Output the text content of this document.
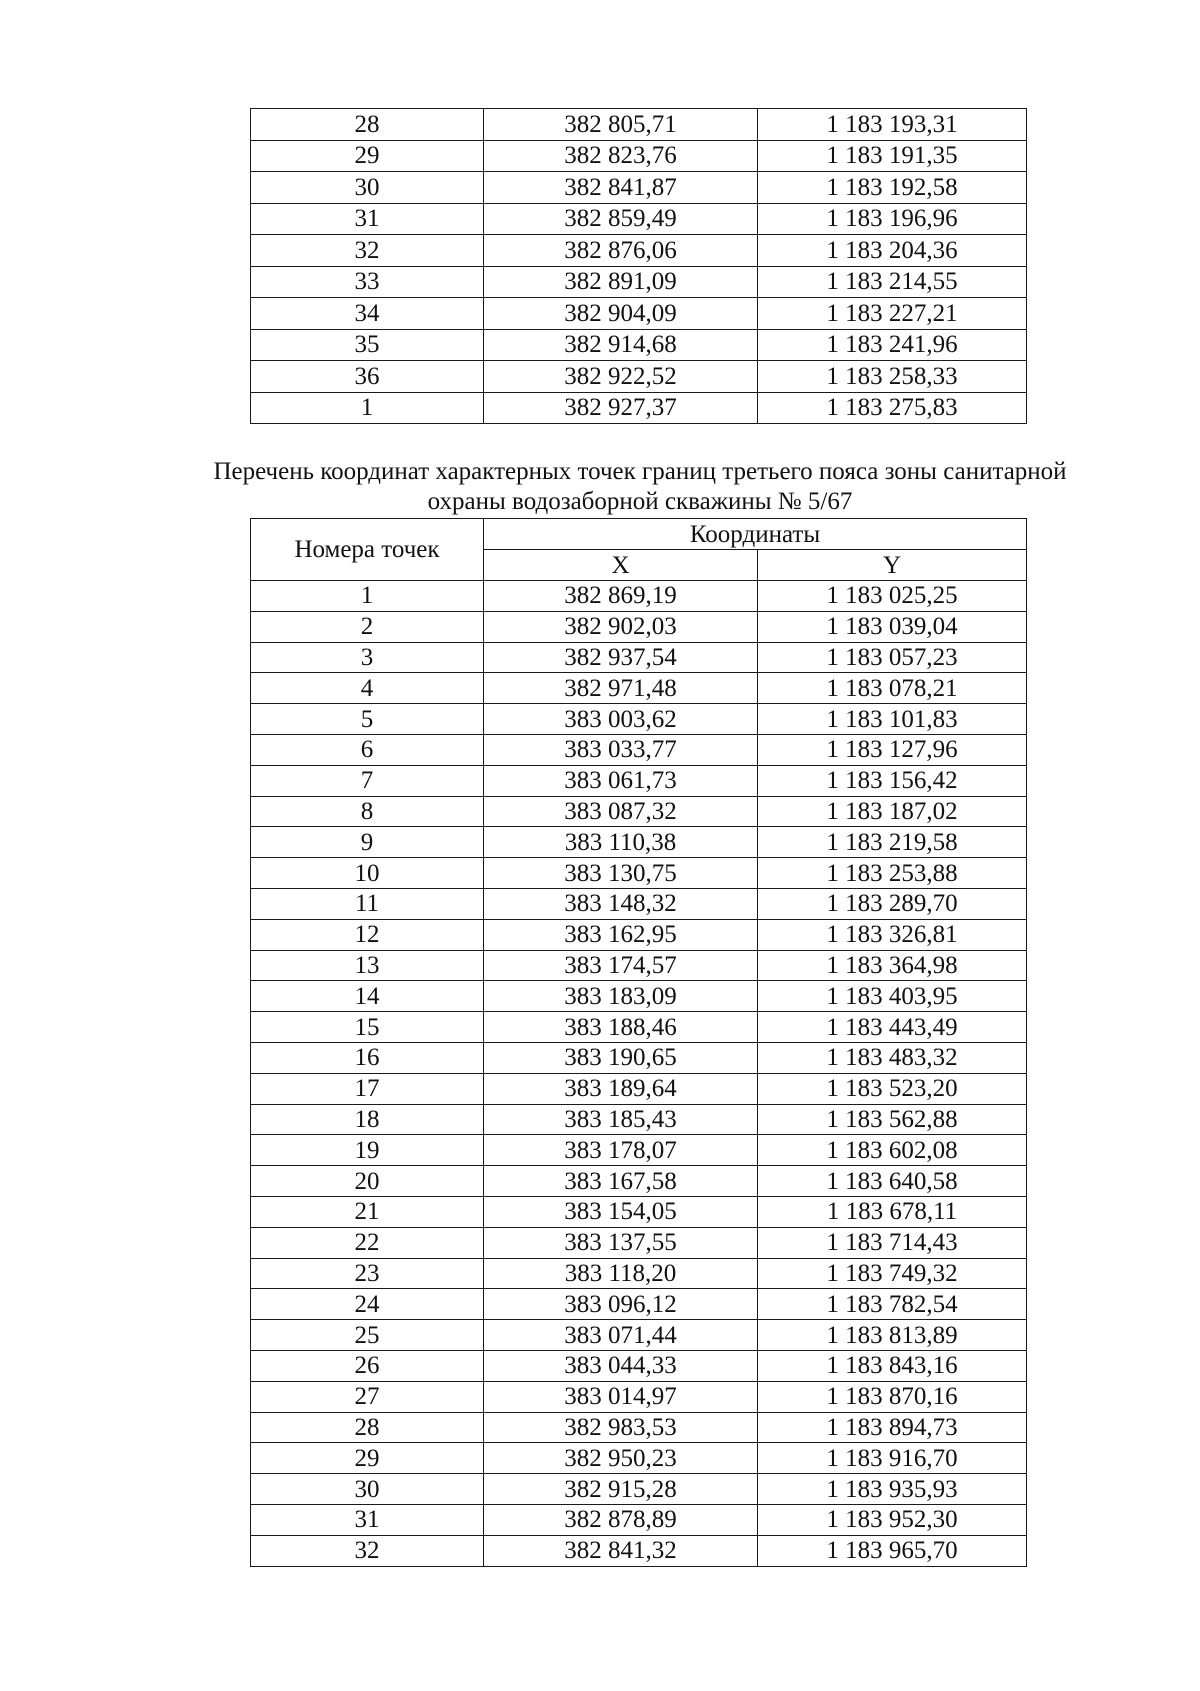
28	382 805,71	1 183 193,31
29	382 823,76	1 183 191,35
30	382 841,87	1 183 192,58
31	382 859,49	1 183 196,96
32	382 876,06	1 183 204,36
33	382 891,09	1 183 214,55
34	382 904,09	1 183 227,21
35	382 914,68	1 183 241,96
36	382 922,52	1 183 258,33
1	382 927,37	1 183 275,83
Перечень координат характерных точек границ третьего пояса зоны санитарной
охраны водозаборной скважины № 5/67
Номера точек	Координаты	
	X	Y
1	382 869,19	1 183 025,25
2	382 902,03	1 183 039,04
3	382 937,54	1 183 057,23
4	382 971,48	1 183 078,21
5	383 003,62	1 183 101,83
6	383 033,77	1 183 127,96
7	383 061,73	1 183 156,42
8	383 087,32	1 183 187,02
9	383 110,38	1 183 219,58
10	383 130,75	1 183 253,88
11	383 148,32	1 183 289,70
12	383 162,95	1 183 326,81
13	383 174,57	1 183 364,98
14	383 183,09	1 183 403,95
15	383 188,46	1 183 443,49
16	383 190,65	1 183 483,32
17	383 189,64	1 183 523,20
18	383 185,43	1 183 562,88
19	383 178,07	1 183 602,08
20	383 167,58	1 183 640,58
21	383 154,05	1 183 678,11
22	383 137,55	1 183 714,43
23	383 118,20	1 183 749,32
24	383 096,12	1 183 782,54
25	383 071,44	1 183 813,89
26	383 044,33	1 183 843,16
27	383 014,97	1 183 870,16
28	382 983,53	1 183 894,73
29	382 950,23	1 183 916,70
30	382 915,28	1 183 935,93
31	382 878,89	1 183 952,30
32	382 841,32	1 183 965,70
